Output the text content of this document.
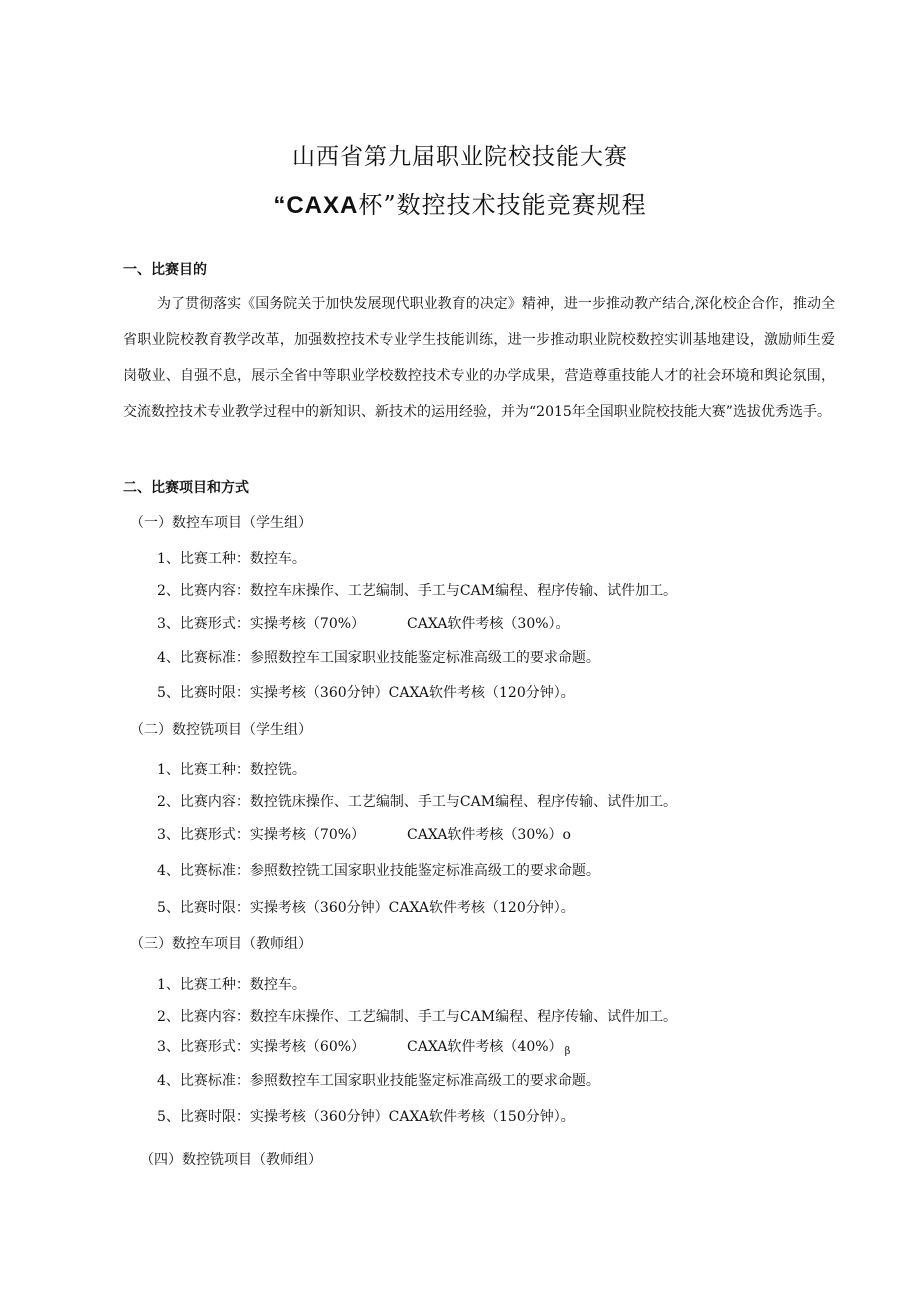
山西省第九届职业院校技能大赛
“CAXA杯”数控技术技能竞赛规程
一、比赛目的
为了贯彻落实《国务院关于加快发展现代职业教育的决定》精神，进一步推动教产结合,深化校企合作，推动全省职业院校教育教学改革，加强数控技术专业学生技能训练，进一步推动职业院校数控实训基地建设，激励师生爱岗敬业、自强不息，展示全省中等职业学校数控技术专业的办学成果，营造尊重技能人才的社会环境和舆论氛围，交流数控技术专业教学过程中的新知识、新技术的运用经验，并为“2015年全国职业院校技能大赛”选拔优秀选手。
二、比赛项目和方式
（一）数控车项目（学生组）
1、比赛工种：数控车。
2、比赛内容：数控车床操作、工艺编制、手工与CAM编程、程序传输、试件加工。
3、比赛形式：实操考核（70%）	CAXA软件考核（30%）。
4、比赛标准：参照数控车工国家职业技能鉴定标准高级工的要求命题。
5、比赛时限：实操考核（360分钟）CAXA软件考核（120分钟）。
（二）数控铣项目（学生组）
1、比赛工种：数控铣。
2、比赛内容：数控铣床操作、工艺编制、手工与CAM编程、程序传输、试件加工。
3、比赛形式：实操考核（70%）	CAXA软件考核（30%）o
4、比赛标准：参照数控铣工国家职业技能鉴定标准高级工的要求命题。
5、比赛时限：实操考核（360分钟）CAXA软件考核（120分钟）。
（三）数控车项目（教师组）
1、比赛工种：数控车。
2、比赛内容：数控车床操作、工艺编制、手工与CAM编程、程序传输、试件加工。
3、比赛形式：实操考核（60%）	CAXA软件考核（40%） $_\beta$
4、比赛标准：参照数控车工国家职业技能鉴定标准高级工的要求命题。
5、比赛时限：实操考核（360分钟）CAXA软件考核（150分钟）。
（四）数控铣项目（教师组）
